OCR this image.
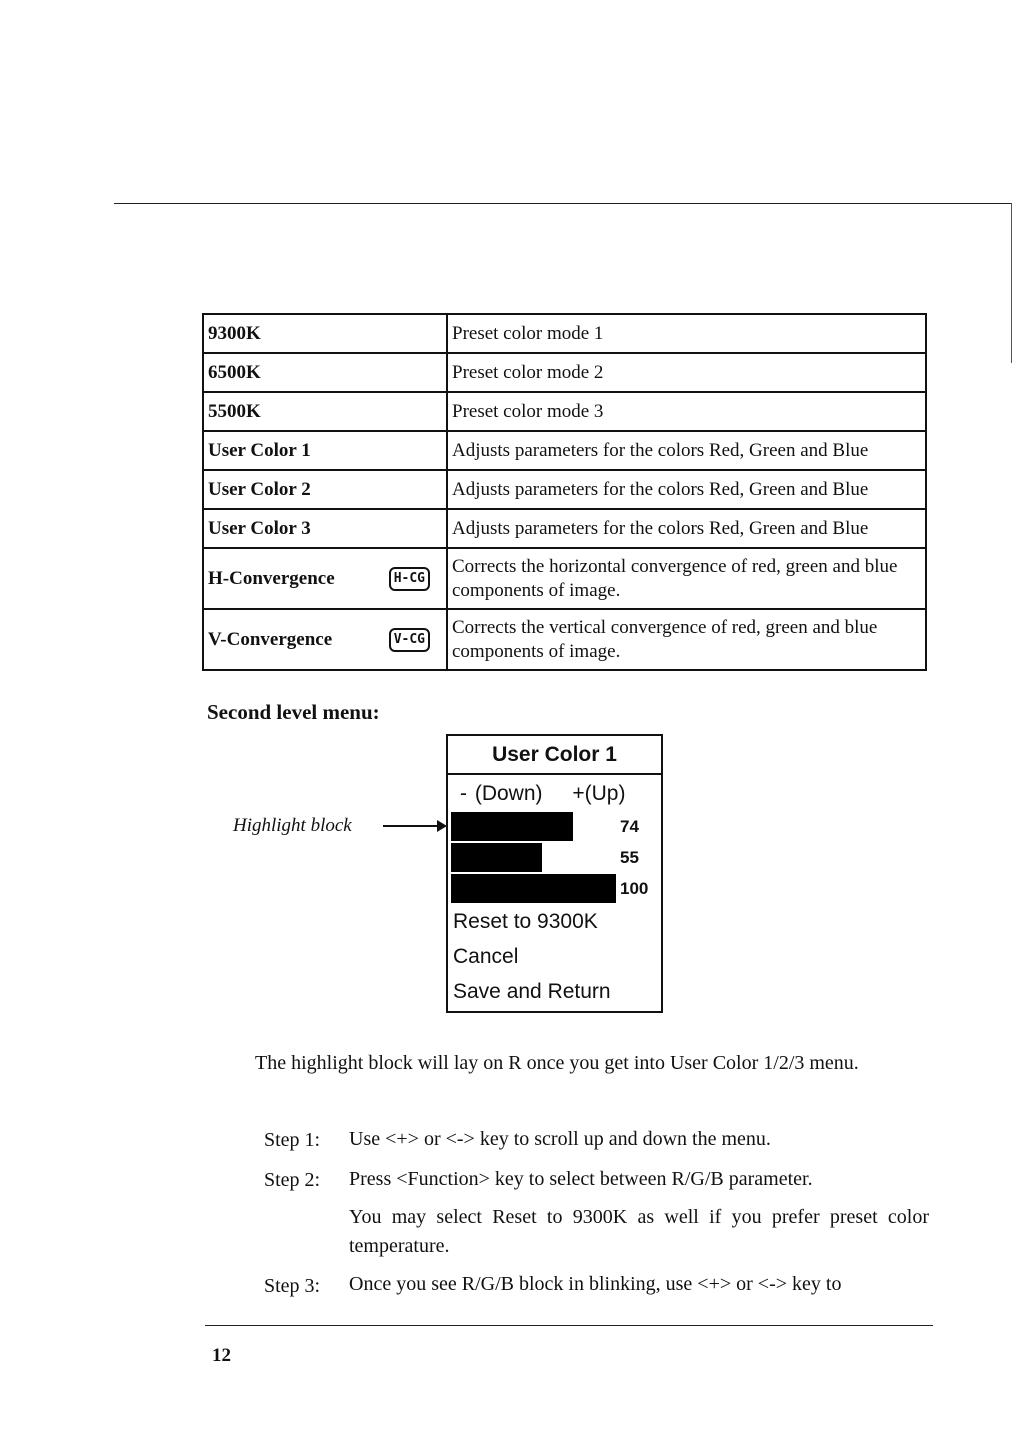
9300K	Preset color mode 1
6500K	Preset color mode 2
5500K	Preset color mode 3
User Color 1	Adjusts parameters for the colors Red, Green and Blue
User Color 2	Adjusts parameters for the colors Red, Green and Blue
User Color 3	Adjusts parameters for the colors Red, Green and Blue

H-Convergence H-CG	Corrects the horizontal convergence of red, green and blue components of image.

V-Convergence V-CG	Corrects the vertical convergence of red, green and blue components of image.
Second level menu:
Highlight block
User Color 1
- (Down) +(Up)
74
55
100
Reset to 9300K
Cancel
Save and Return
The highlight block will lay on R once you get into User Color 1/2/3 menu.
Step 1: Use <+> or <-> key to scroll up and down the menu.
Step 2: Press <Function> key to select between R/G/B parameter.
You may select Reset to 9300K as well if you prefer preset color temperature.
Step 3: Once you see R/G/B block in blinking, use <+> or <-> key to
12
